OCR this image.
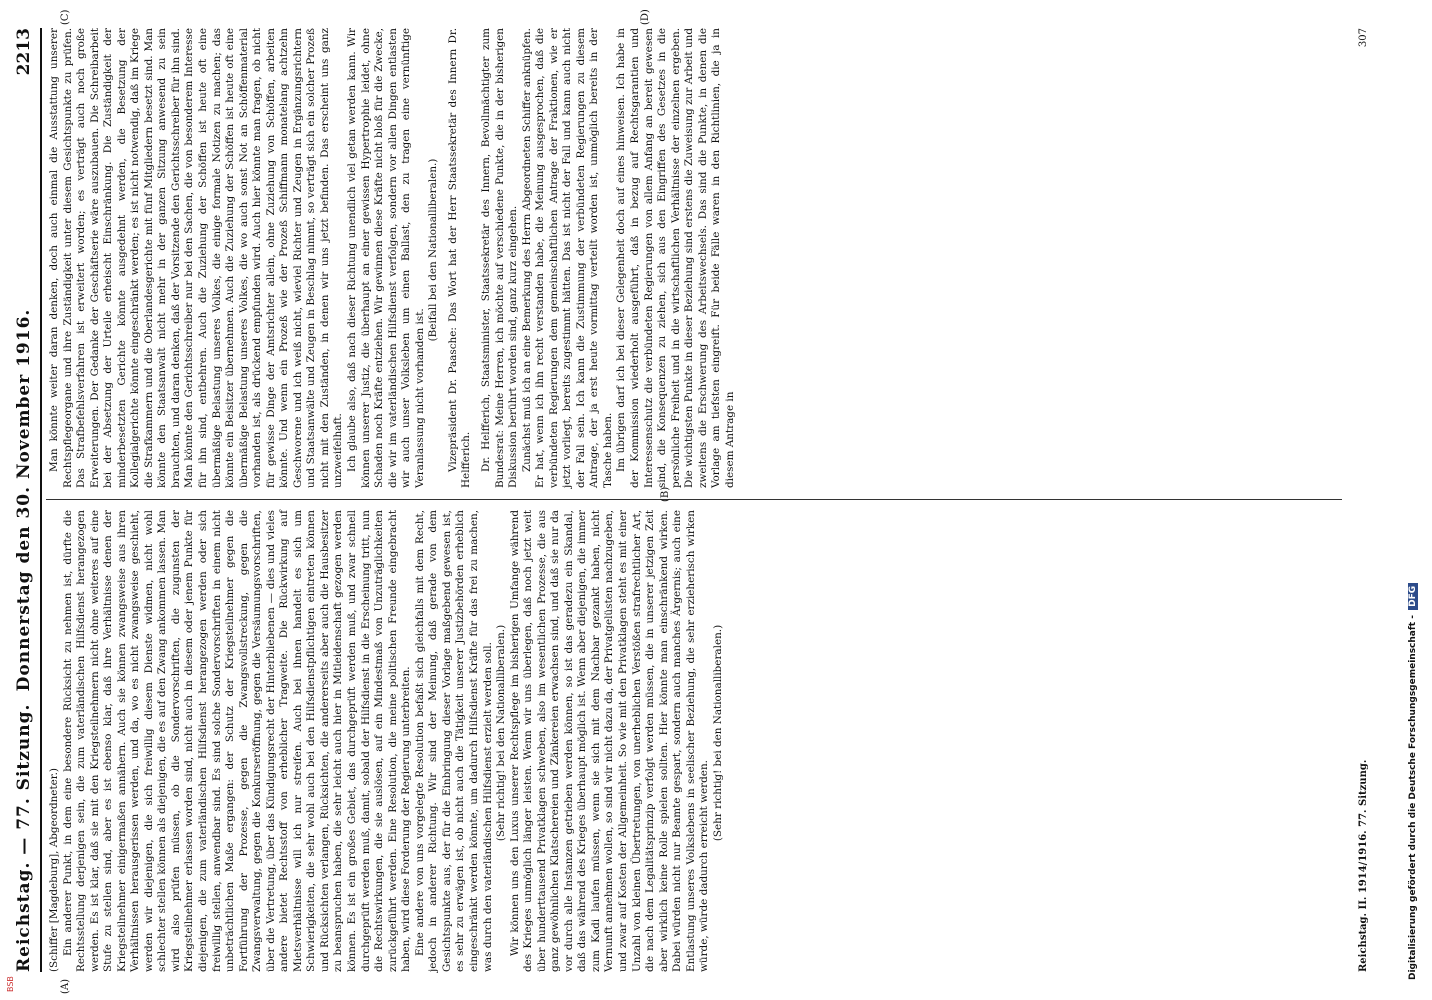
Reichstag. — 77. Sitzung.
Donnerstag den 30. November 1916.
2213
(A)
(B)
(C)	(D)

(Schiffer [Magdeburg], Abgeordneter.) Ein anderer Punkt, in dem eine besondere Rücksicht zu nehmen ist, dürfte die Rechtsstellung derjenigen sein, die zum vaterländischen Hilfsdienst herangezogen werden. Es ist klar, daß sie mit den Kriegsteilnehmern nicht ohne weiteres auf eine Stufe zu stellen sind, aber es ist ebenso klar, daß ihre Verhältnisse denen der Kriegsteilnehmer einigermaßen annähern. Auch sie können zwangsweise aus ihren Verhältnissen herausgerissen werden, und da, wo es nicht zwangsweise geschieht, werden wir diejenigen, die sich freiwillig diesem Dienste widmen, nicht wohl schlechter stellen können als diejenigen, die es auf den Zwang ankommen lassen. Man wird also prüfen müssen, ob die Sondervorschriften, die zugunsten der Kriegsteilnehmer erlassen worden sind, nicht auch in diesem oder jenem Punkte für diejenigen, die zum vaterländischen Hilfsdienst herangezogen werden oder sich freiwillig stellen, anwendbar sind. Es sind solche Sondervorschriften in einem nicht unbeträchtlichen Maße ergangen: der Schutz der Kriegsteilnehmer gegen die Fortführung der Prozesse, gegen die Zwangsvollstreckung, gegen die Zwangsverwaltung, gegen die Konkurseröffnung, gegen die Versäumungsvorschriften, über die Vertretung, über das Kündigungsrecht der Hinterbliebenen — dies und vieles andere bietet Rechtsstoff von erheblicher Tragweite. Die Rückwirkung auf Mietsverhältnisse will ich nur streifen. Auch bei ihnen handelt es sich um Schwierigkeiten, die sehr wohl auch bei den Hilfsdienstpflichtigen eintreten können und Rücksichten verlangen, Rücksichten, die andererseits aber auch die Hausbesitzer zu beanspruchen haben, die sehr leicht auch hier in Mitleidenschaft gezogen werden können. Es ist ein großes Gebiet, das durchgeprüft werden muß, und zwar schnell durchgeprüft werden muß, damit, sobald der Hilfsdienst in die Erscheinung tritt, nun die Rechtswirkungen, die sie auslösen, auf ein Mindestmaß von Unzuträglichkeiten zurückgeführt werden. Eine Resolution, die meine politischen Freunde eingebracht haben, wird diese Forderung der Regierung unterbreiten. Eine andere von uns vorgelegte Resolution befaßt sich gleichfalls mit dem Recht, jedoch in anderer Richtung. Wir sind der Meinung, daß gerade von dem Gesichtspunkte aus, der für die Einbringung dieser Vorlage maßgebend gewesen ist, es sehr zu erwägen ist, ob nicht auch die Tätigkeit unserer Justizbehörden erheblich eingeschränkt werden könnte, um dadurch Hilfsdienst Kräfte für das frei zu machen, was durch den vaterländischen Hilfsdienst erzielt werden soll. (Sehr richtig! bei den Nationalliberalen.) Wir können uns den Luxus unserer Rechtspflege im bisherigen Umfange während des Krieges unmöglich länger leisten. Wenn wir uns überlegen, daß noch jetzt weit über hunderttausend Privatklagen schweben, also im wesentlichen Prozesse, die aus ganz gewöhnlichen Klatschereien und Zänkereien erwachsen sind, und daß sie nur da vor durch alle Instanzen getrieben werden können, so ist das geradezu ein Skandal, daß das während des Krieges überhaupt möglich ist. Wenn aber diejenigen, die immer zum Kadi laufen müssen, wenn sie sich mit dem Nachbar gezankt haben, nicht Vernunft annehmen wollen, so sind wir nicht dazu da, der Privatgelüsten nachzugeben, und zwar auf Kosten der Allgemeinheit. So wie mit den Privatklagen steht es mit einer Unzahl von kleinen Übertretungen, von unerheblichen Verstößen strafrechtlicher Art, die nach dem Legalitätsprinzip verfolgt werden müssen, die in unserer jetzigen Zeit aber wirklich keine Rolle spielen sollten. Hier könnte man einschränkend wirken. Dabei würden nicht nur Beamte gespart, sondern auch manches Ärgernis; auch eine Entlastung unseres Volkslebens in seelischer Beziehung, die sehr erzieherisch wirken würde, würde dadurch erreicht werden.

(Sehr richtig! bei den Nationalliberalen.)

Man könnte weiter daran denken, doch auch einmal die Ausstattung unserer Rechtspflegeorgane und ihre Zuständigkeit unter diesem Gesichtspunkte zu prüfen. Das Strafbefehlsverfahren ist erweitert worden; es verträgt auch noch große Erweiterungen. Der Gedanke der Geschäftserie wäre auszubauen. Die Schreibarbeit bei der Absetzung der Urteile erheischt Einschränkung. Die Zuständigkeit der minderbesetzten Gerichte könnte ausgedehnt werden, die Besetzung der Kollegialgerichte könnte eingeschränkt werden; es ist nicht notwendig, daß im Kriege die Strafkammern und die Oberlandesgerichte mit fünf Mitgliedern besetzt sind. Man könnte den Staatsanwalt nicht mehr in der ganzen Sitzung anwesend zu sein brauchten, und daran denken, daß der Vorsitzende den Gerichtsschreiber für ihn sind. Man könnte den Gerichtsschreiber nur bei den Sachen, die von besonderem Interesse für ihn sind, entbehren. Auch die Zuziehung der Schöffen ist heute oft eine übermäßige Belastung unseres Volkes, die einige formale Notizen zu machen; das könnte ein Beisitzer übernehmen. Auch die Zuziehung der Schöffen ist heute oft eine übermäßige Belastung unseres Volkes, die wo auch sonst Not an Schöffenmaterial vorhanden ist, als drückend empfunden wird. Auch hier könnte man fragen, ob nicht für gewisse Dinge der Amtsrichter allein, ohne Zuziehung von Schöffen, arbeiten könnte. Und wenn ein Prozeß wie der Prozeß Schiffmann monatelang achtzehn Geschworene und ich weiß nicht, wieviel Richter und Zeugen in Ergänzungsrichtern und Staatsanwälte und Zeugen in Beschlag nimmt, so verträgt sich ein solcher Prozeß nicht mit den Zuständen, in denen wir uns jetzt befinden. Das erscheint uns ganz unzweifelhaft. Ich glaube also, daß nach dieser Richtung unendlich viel getan werden kann. Wir können unserer Justiz, die überhaupt an einer gewissen Hypertrophie leidet, ohne Schaden noch Kräfte entziehen. Wir gewinnen diese Kräfte nicht bloß für die Zwecke, die wir im vaterländischen Hilfsdienst verfolgen, sondern vor allen Dingen entlasten wir auch unser Volksleben um einen Ballast, den zu tragen eine vernünftige Veranlassung nicht vorhanden ist.

(Beifall bei den Nationalliberalen.) Vizepräsident Dr. Paasche: Das Wort hat der Herr Staatssekretär des Innern Dr. Helfferich. Dr. Helfferich, Staatsminister, Staatssekretär des Innern, Bevollmächtigter zum Bundesrat: Meine Herren, ich möchte auf verschiedene Punkte, die in der bisherigen Diskussion berührt worden sind, ganz kurz eingehen. Zunächst muß ich an eine Bemerkung des Herrn Abgeordneten Schiffer anknüpfen. Er hat, wenn ich ihn recht verstanden habe, die Meinung ausgesprochen, daß die verbündeten Regierungen dem gemeinschaftlichen Antrage der Fraktionen, wie er jetzt vorliegt, bereits zugestimmt hätten. Das ist nicht der Fall und kann auch nicht der Fall sein. Ich kann die Zustimmung der verbündeten Regierungen zu diesem Antrage, der ja erst heute vormittag verteilt worden ist, unmöglich bereits in der Tasche haben. Im übrigen darf ich bei dieser Gelegenheit doch auf eines hinweisen. Ich habe in der Kommission wiederholt ausgeführt, daß in bezug auf Rechtsgarantien und Interessenschutz die verbündeten Regierungen von allem Anfang an bereit gewesen sind, die Konsequenzen zu ziehen, sich aus den Eingriffen des Gesetzes in die persönliche Freiheit und in die wirtschaftlichen Verhältnisse der einzelnen ergeben. Die wichtigsten Punkte in dieser Beziehung sind erstens die Zuweisung zur Arbeit und zweitens die Erschwerung des Arbeitswechsels. Das sind die Punkte, in denen die Vorlage am tiefsten eingreift. Für beide Fälle waren in den Richtlinien, die ja in diesem Antrage in

Reichstag. II. 1914/1916. 77. Sitzung.
307
Digitalisierung gefördert durch die Deutsche Forschungsgemeinschaft - DFG
BSB
